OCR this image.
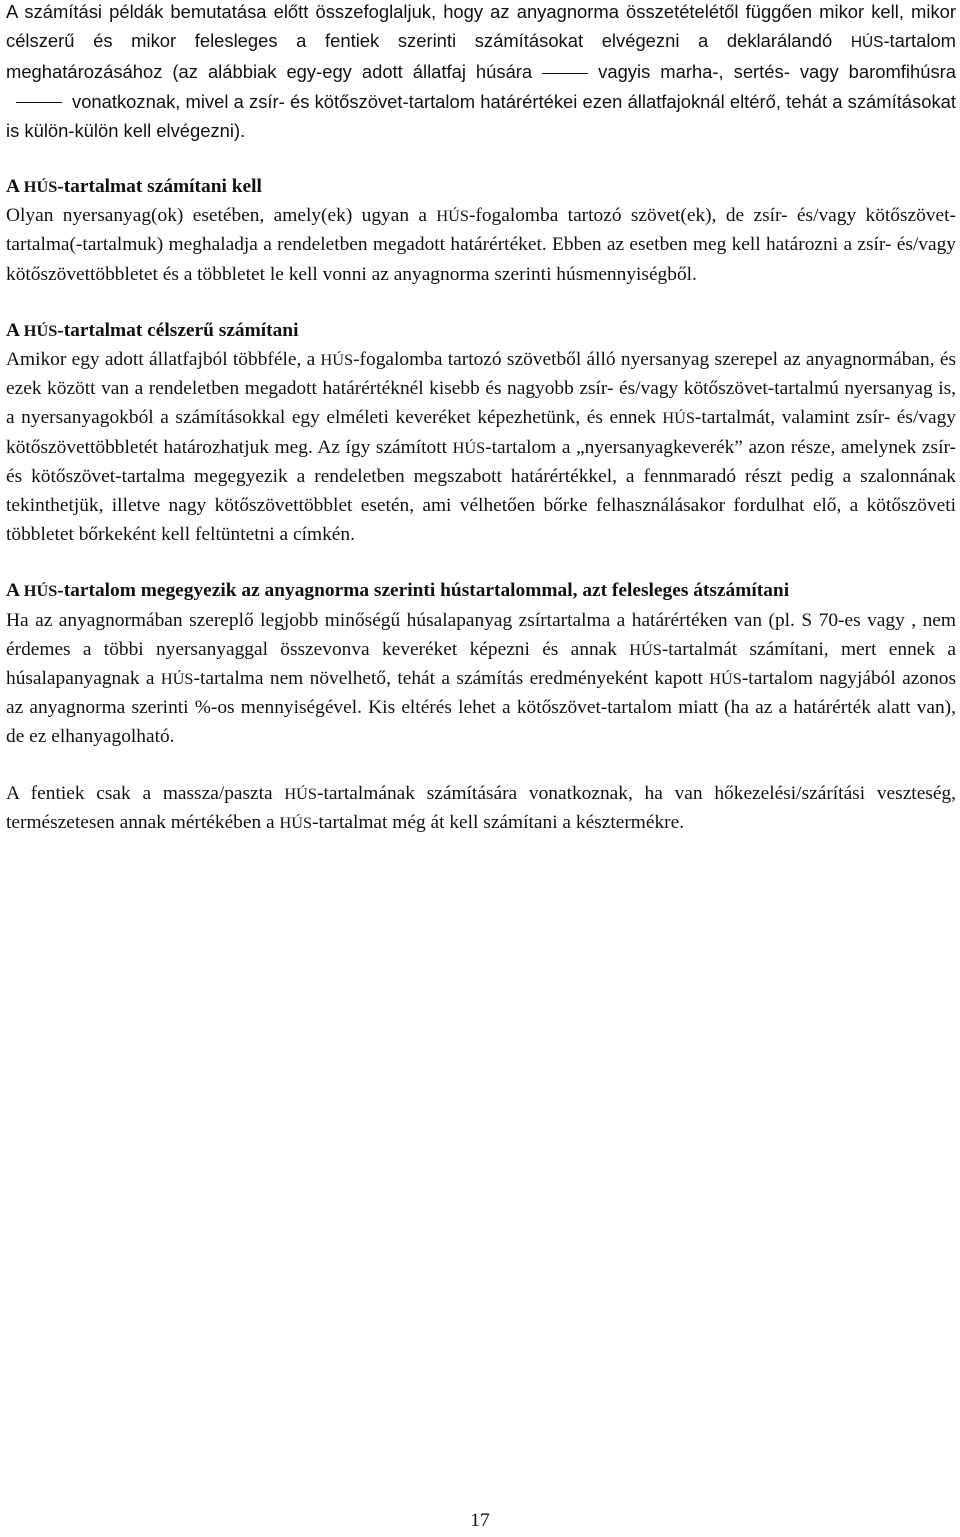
A számítási példák bemutatása előtt összefoglaljuk, hogy az anyagnorma összetételétől függően mikor kell, mikor célszerű és mikor felesleges a fentiek szerinti számításokat elvégezni a deklarálandó HÚS-tartalom meghatározásához (az alábbiak egy-egy adott állatfaj húsára	vagyis marha-, sertés- vagy baromfihúsravonatkoznak, mivel a zsír- és kötőszövet-tartalom határértékei ezen állatfajoknál eltérő, tehát a számításokat is külön-külön kell elvégezni).

A HÚS-tartalmat számítani kell

Olyan nyersanyag(ok) esetében, amely(ek) ugyan a HÚS-fogalomba tartozó szövet(ek), de zsír- és/vagy kötőszövet-tartalma(-tartalmuk) meghaladja a rendeletben megadott határértéket. Ebben az esetben meg kell határozni a zsír- és/vagy kötőszövettöbbletet és a többletet le kell vonni az anyagnorma szerinti húsmennyiségből.

A HÚS-tartalmat célszerű számítani

Amikor egy adott állatfajból többféle, a HÚS-fogalomba tartozó szövetből álló nyersanyag szerepel az anyagnormában, és ezek között van a rendeletben megadott határértéknél kisebb és nagyobb zsír- és/vagy kötőszövet-tartalmú nyersanyag is, a nyersanyagokból a számításokkal egy elméleti keveréket képezhetünk, és ennek HÚS-tartalmát, valamint zsír- és/vagy kötőszövettöbbletét határozhatjuk meg. Az így számított HÚS-tartalom a „nyersanyagkeverék” azon része, amelynek zsír- és kötőszövet-tartalma megegyezik a rendeletben megszabott határértékkel, a fennmaradó részt pedig a szalonnának tekinthetjük, illetve nagy kötőszövettöbblet esetén, ami vélhetően bőrke felhasználásakor fordulhat elő, a kötőszöveti többletet bőrkeként kell feltüntetni a címkén.

A HÚS-tartalom megegyezik az anyagnorma szerinti hústartalommal, azt felesleges átszámítani

Ha az anyagnormában szereplő legjobb minőségű húsalapanyag zsírtartalma a határértéken van (pl. S 70-es vagy , nem érdemes a többi nyersanyaggal összevonva keveréket képezni és annak HÚS-tartalmát számítani, mert ennek a húsalapanyagnak a HÚS-tartalma nem növelhető, tehát a számítás eredményeként kapott HÚS-tartalom nagyjából azonos az anyagnorma szerinti %-os mennyiségével. Kis eltérés lehet a kötőszövet-tartalom miatt (ha az a határérték alatt van), de ez elhanyagolható.

A fentiek csak a massza/paszta HÚS-tartalmának számítására vonatkoznak, ha van hőkezelési/szárítási veszteség, természetesen annak mértékében a HÚS-tartalmat még át kell számítani a késztermékre.

17
